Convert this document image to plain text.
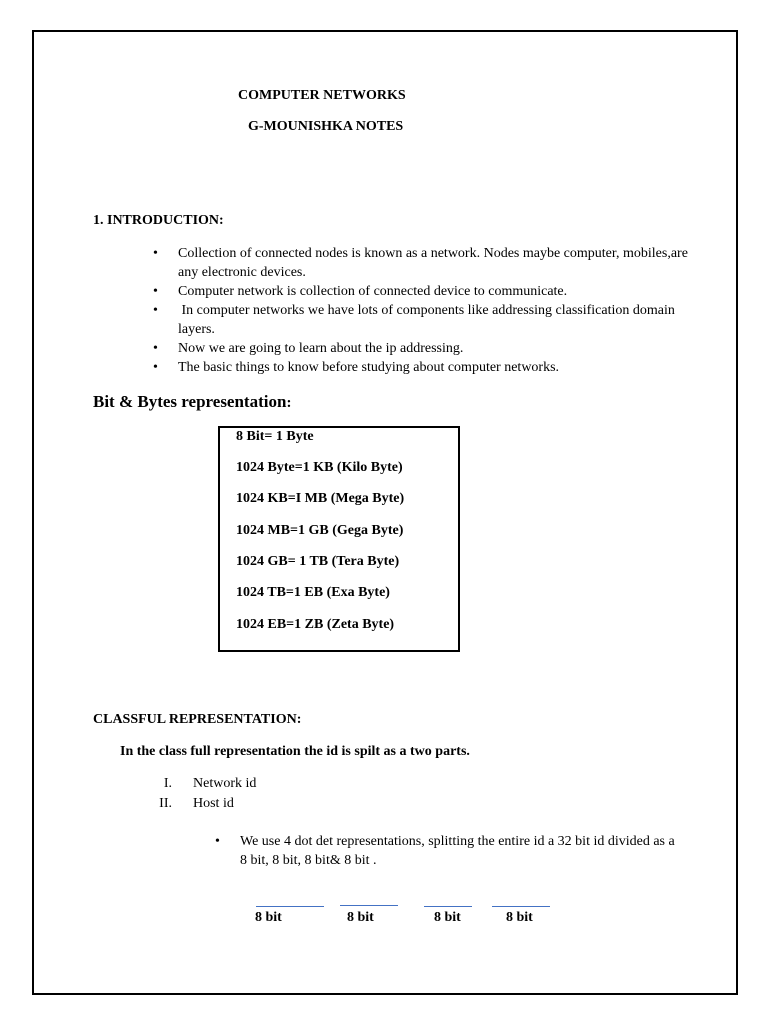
COMPUTER NETWORKS
G-MOUNISHKA NOTES
1. INTRODUCTION:
• Collection of connected nodes is known as a network. Nodes maybe computer, mobiles,are any electronic devices.
• Computer network is collection of connected device to communicate.
• In computer networks we have lots of components like addressing classification domain layers.
• Now we are going to learn about the ip addressing.
• The basic things to know before studying about computer networks.
Bit & Bytes representation:
8 Bit= 1 Byte
1024 Byte=1 KB (Kilo Byte)
1024 KB=I MB (Mega Byte)
1024 MB=1 GB (Gega Byte)
1024 GB= 1 TB (Tera Byte)
1024 TB=1 EB (Exa Byte)
1024 EB=1 ZB (Zeta Byte)
CLASSFUL REPRESENTATION:
In the class full representation the id is spilt as a two parts.
I. Network id
II. Host id
• We use 4 dot det representations, splitting the entire id a 32 bit id divided as a 8 bit, 8 bit, 8 bit& 8 bit .
8 bit	8 bit	8 bit	8 bit
